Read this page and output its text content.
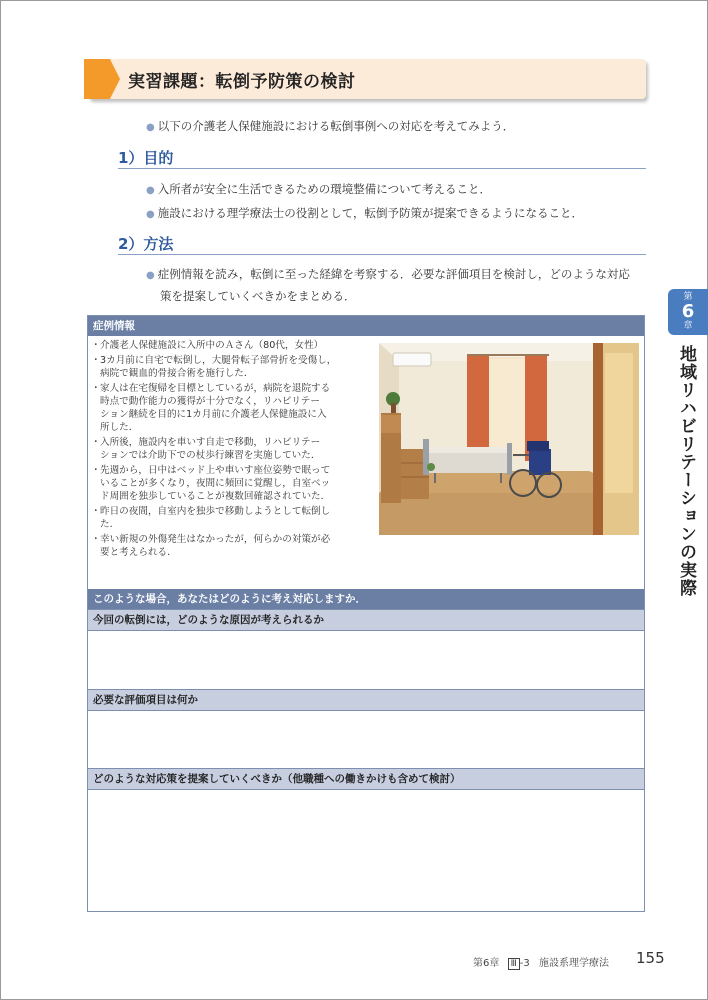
実習課題：転倒予防策の検討
● 以下の介護老人保健施設における転倒事例への対応を考えてみよう．
1）目的
● 入所者が安全に生活できるための環境整備について考えること．
● 施設における理学療法士の役割として，転倒予防策が提案できるようになること．
2）方法
● 症例情報を読み，転倒に至った経緯を考察する．必要な評価項目を検討し，どのような対応
策を提案していくべきかをまとめる．	第
6
章
地域リハビリテーションの実際
症例情報
・ 介護老人保健施設に入所中のＡさん（80代，女性）
・ 3カ月前に自宅で転倒し，大腿骨転子部骨折を受傷し，
病院で観血的骨接合術を施行した．
・ 家人は在宅復帰を目標としているが，病院を退院する
時点で動作能力の獲得が十分でなく，リハビリテー
ション継続を目的に1カ月前に介護老人保健施設に入
所した．
・ 入所後，施設内を車いす自走で移動，リハビリテー
ションでは介助下での杖歩行練習を実施していた．
・ 先週から，日中はベッド上や車いす座位姿勢で眠って
いることが多くなり，夜間に頻回に覚醒し，自室ベッ
ド周囲を独歩していることが複数回確認されていた．
・ 昨日の夜間，自室内を独歩で移動しようとして転倒し
た．
・ 幸い新規の外傷発生はなかったが，何らかの対策が必
要と考えられる．
このような場合，あなたはどのように考え対応しますか．
今回の転倒には，どのような原因が考えられるか
必要な評価項目は何か
どのような対応策を提案していくべきか（他職種への働きかけも含めて検討）
第6章 Ⅲ -3 施設系理学療法 155
